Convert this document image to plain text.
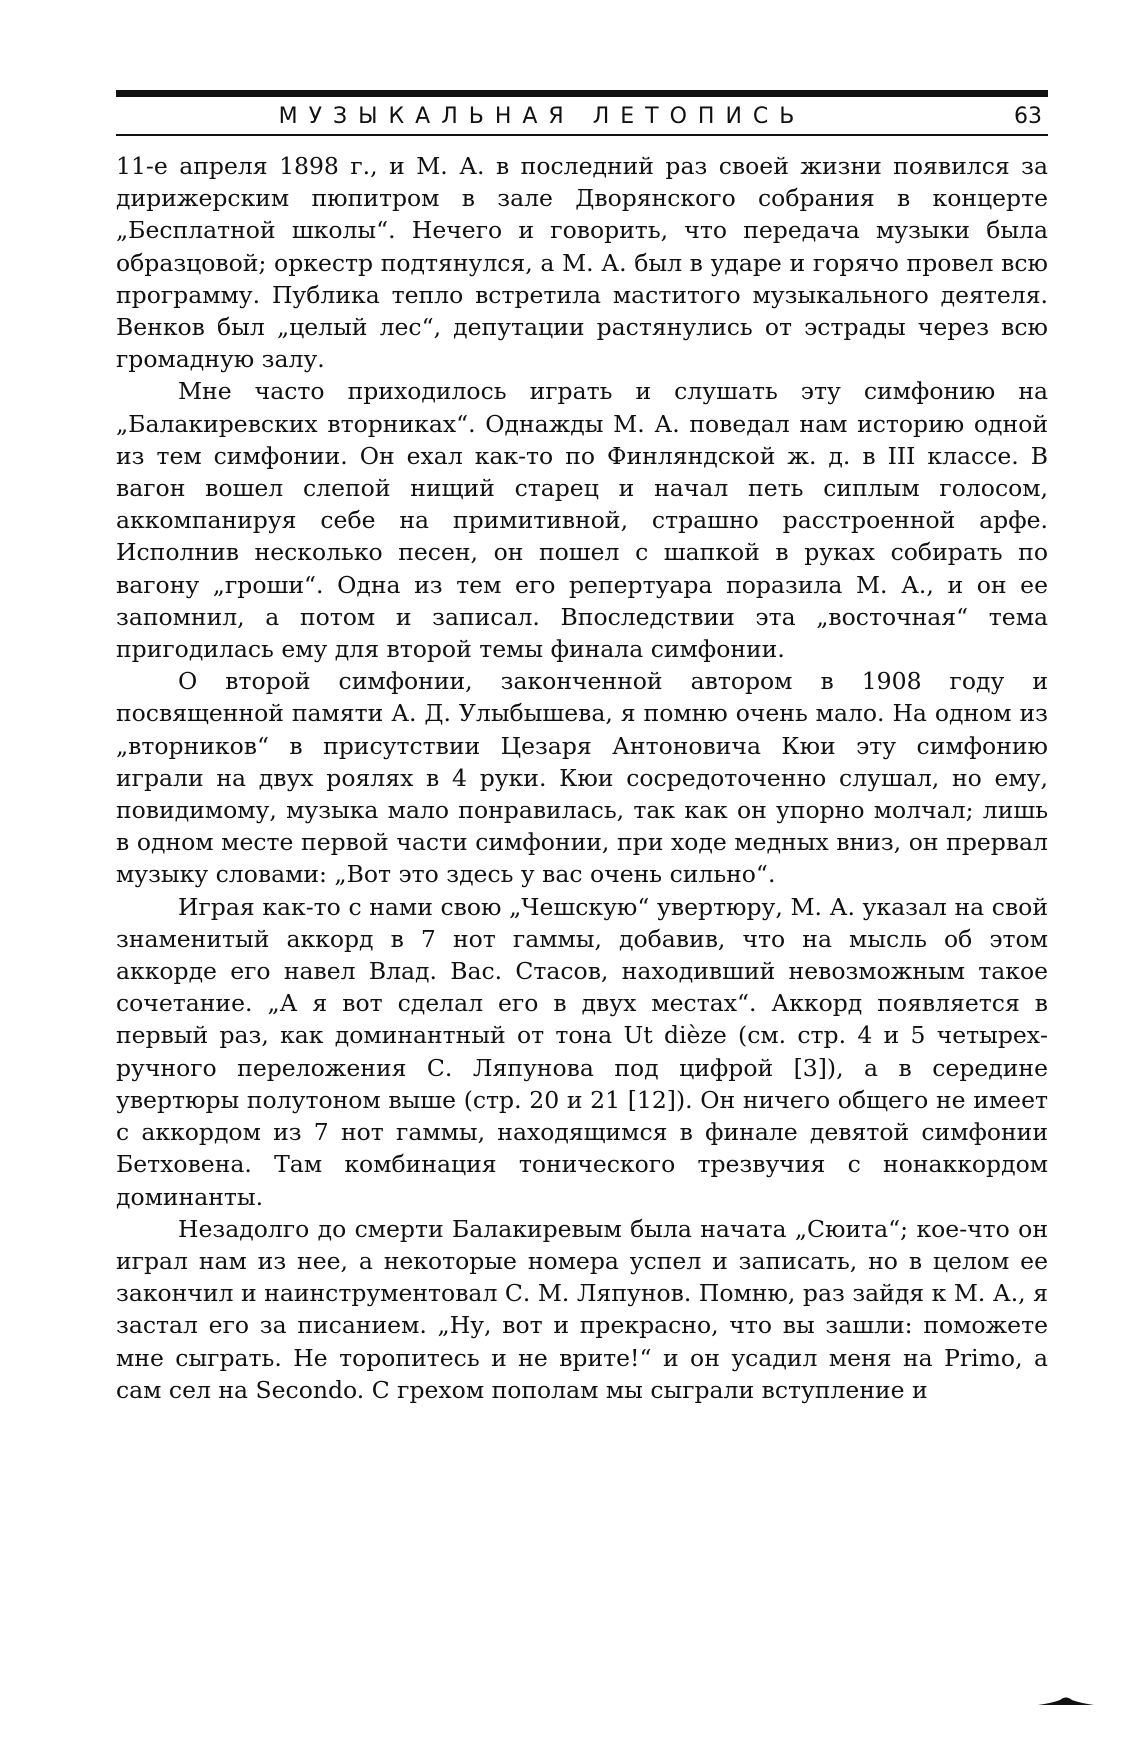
МУЗЫКАЛЬНАЯ ЛЕТОПИСЬ	63

11-е апреля 1898 г., и М. А. в последний раз своей жизни появился за дирижерским пюпитром в зале Дворянского собрания в концерте „Бесплатной школы“. Нечего и говорить, что передача музыки была образцовой; оркестр подтянулся, а М. А. был в ударе и горячо провел всю программу. Публика тепло встретила маститого музыкального деятеля. Венков был „целый лес“, депутации растянулись от эстрады через всю громадную залу.

Мне часто приходилось играть и слушать эту симфонию на „Балакиревских вторниках“. Однажды М. А. поведал нам историю одной из тем симфонии. Он ехал как-то по Финляндской ж. д. в III классе. В вагон вошел слепой нищий старец и начал петь сиплым голосом, аккомпанируя себе на примитивной, страшно расстроенной арфе. Исполнив несколько песен, он пошел с шапкой в руках собирать по вагону „гроши“. Одна из тем его репертуара поразила М. А., и он ее запомнил, а потом и записал. Впоследствии эта „восточная“ тема пригодилась ему для второй темы финала симфонии.

О второй симфонии, законченной автором в 1908 году и посвященной памяти А. Д. Улыбышева, я помню очень мало. На одном из „вторников“ в присутствии Цезаря Антоновича Кюи эту симфонию играли на двух роялях в 4 руки. Кюи сосредоточенно слушал, но ему, повидимому, музыка мало понравилась, так как он упорно молчал; лишь в одном месте первой части симфонии, при ходе медных вниз, он прервал музыку словами: „Вот это здесь у вас очень сильно“.

Играя как-то с нами свою „Чешскую“ увертюру, М. А. указал на свой знаменитый аккорд в 7 нот гаммы, добавив, что на мысль об этом аккорде его навел Влад. Вас. Стасов, находивший невозможным такое сочетание. „А я вот сделал его в двух местах“. Аккорд появляется в первый раз, как доминантный от тона Ut dièze (см. стр. 4 и 5 четырех-ручного переложения С. Ляпунова под цифрой [3]), а в середине увертюры полутоном выше (стр. 20 и 21 [12]). Он ничего общего не имеет с аккордом из 7 нот гаммы, находящимся в финале девятой симфонии Бетховена. Там комбинация тонического трезвучия с нонаккордом доминанты.

Незадолго до смерти Балакиревым была начата „Сюита“; кое-что он играл нам из нее, а некоторые номера успел и записать, но в целом ее закончил и наинструментовал С. М. Ляпунов. Помню, раз зайдя к М. А., я застал его за писанием. „Ну, вот и прекрасно, что вы зашли: поможете мне сыграть. Не торопитесь и не врите!“ и он усадил меня на Primo, а сам сел на Secondo. С грехом пополам мы сыграли вступление и
